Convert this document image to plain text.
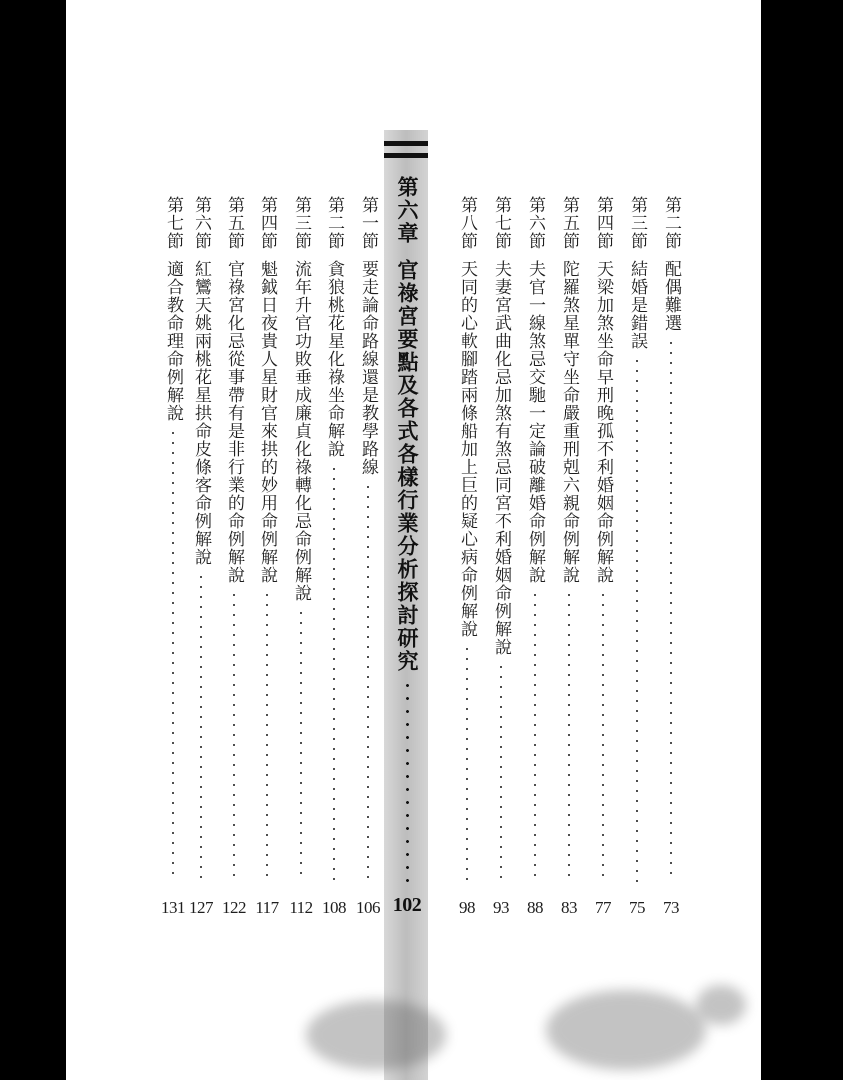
第六章
官祿宮要點及各式各樣行業分析探討研究
102
第二節
配偶難選
73
第三節
結婚是錯誤
75
第四節
天梁加煞坐命早刑晚孤不利婚姻命例解說
77
第五節
陀羅煞星單守坐命嚴重刑剋六親命例解說
83
第六節
夫官一線煞忌交馳一定論破離婚命例解說
88
第七節
夫妻宮武曲化忌加煞有煞忌同宮不利婚姻命例解說
93
第八節
天同的心軟腳踏兩條船加上巨的疑心病命例解說
98
第一節
要走論命路線還是教學路線
106
第二節
貪狼桃花星化祿坐命解說
108
第三節
流年升官功敗垂成廉貞化祿轉化忌命例解說
112
第四節
魁鉞日夜貴人星財官來拱的妙用命例解說
117
第五節
官祿宮化忌從事帶有是非行業的命例解說
122
第六節
紅鸞天姚兩桃花星拱命皮條客命例解說
127
第七節
適合教命理命例解說
131
